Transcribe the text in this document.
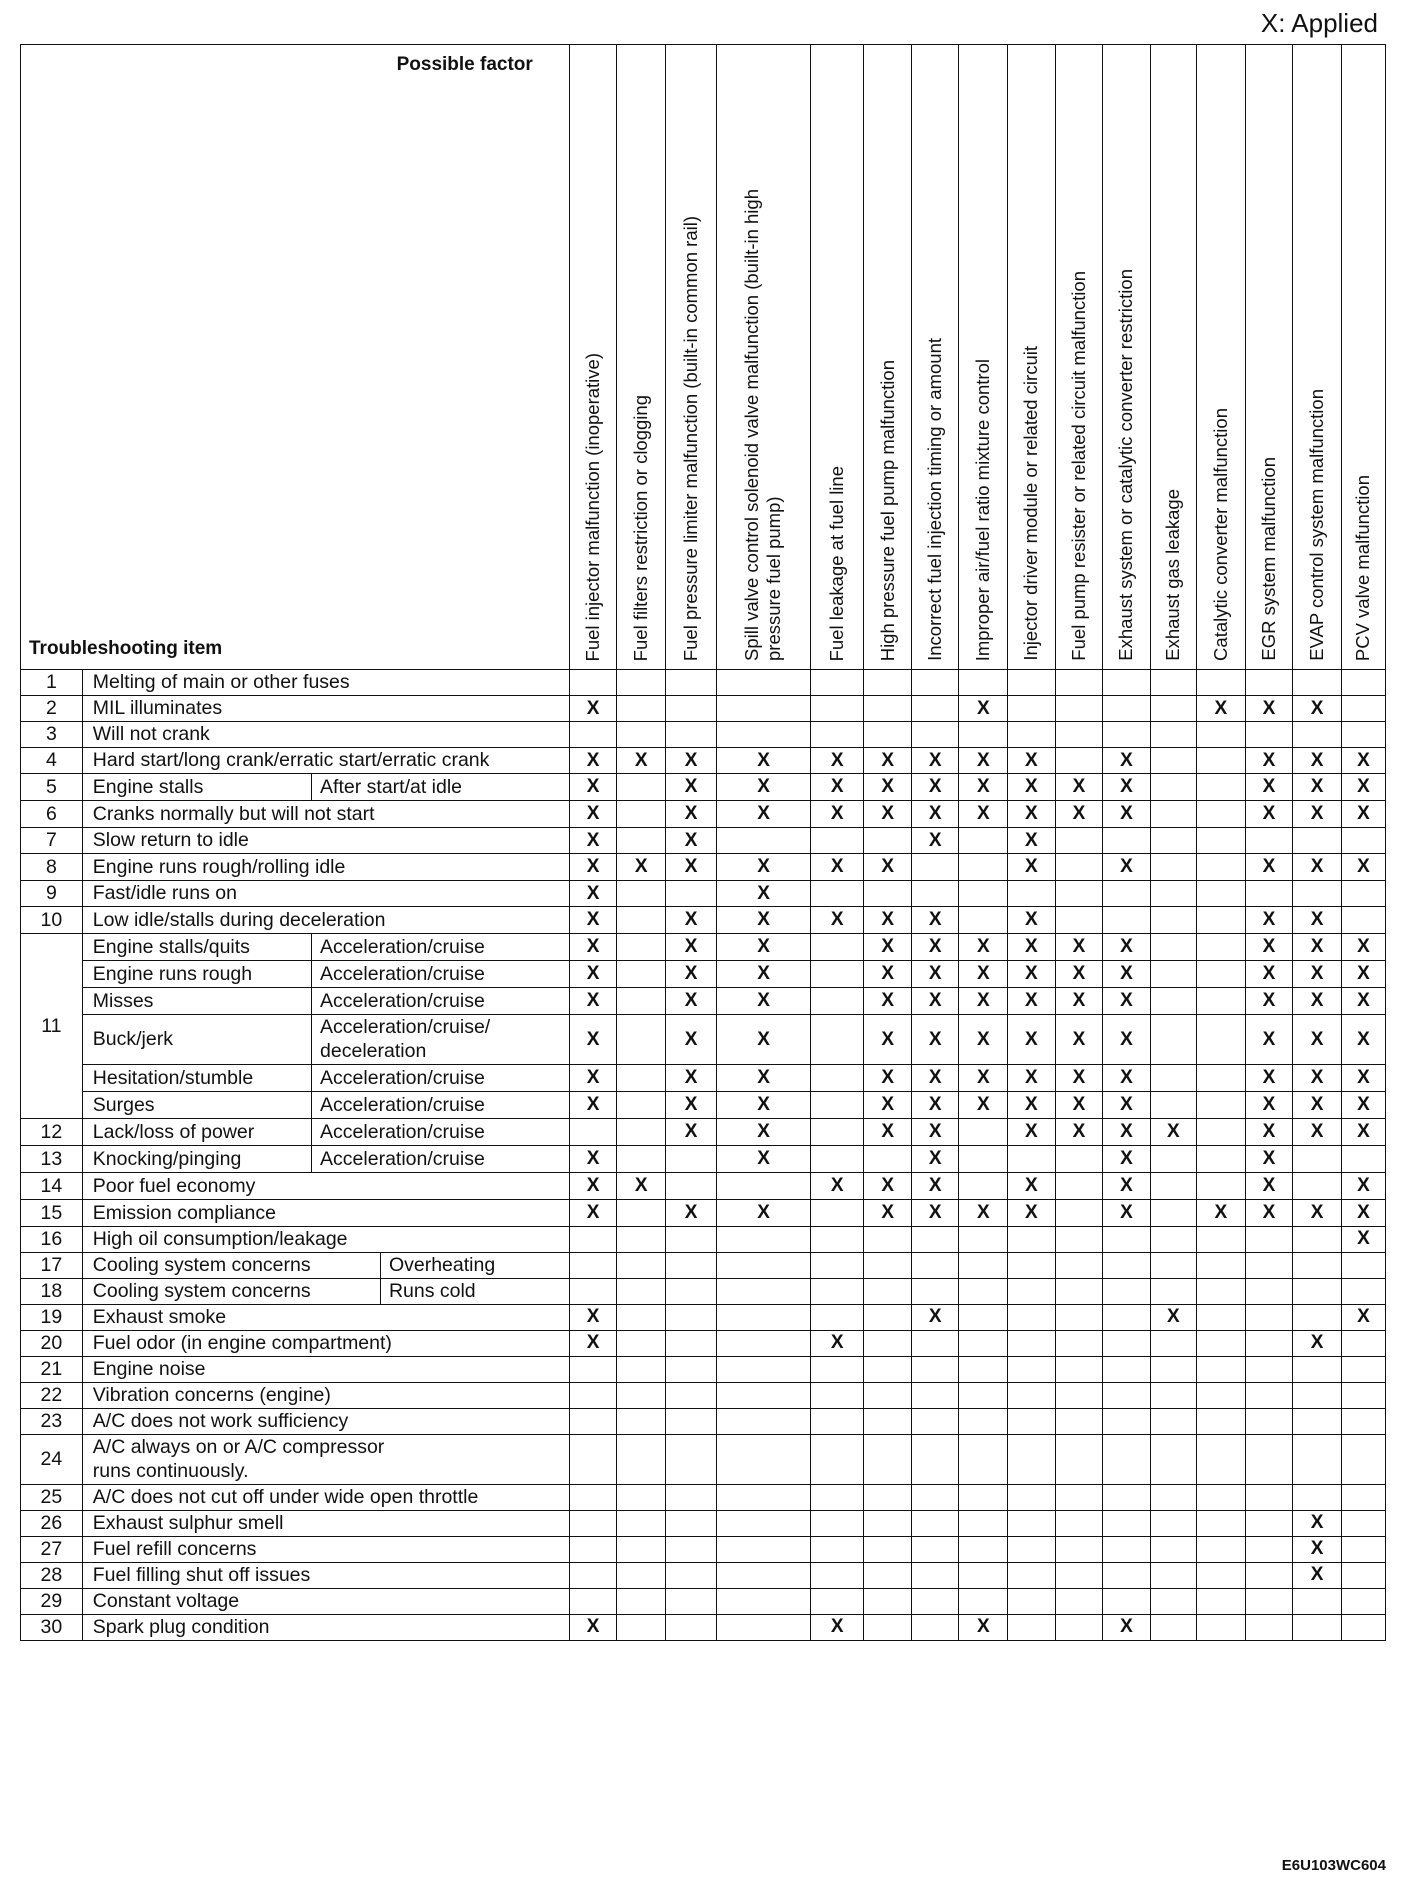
X: Applied
Possible factor
Troubleshooting item				Fuel injector malfunction (inoperative)	Fuel filters restriction or clogging	Fuel pressure limiter malfunction (built-in common rail)	Spill valve control solenoid valve malfunction (built-in high
pressure fuel pump)	Fuel leakage at fuel line	High pressure fuel pump malfunction	Incorrect fuel injection timing or amount	Improper air/fuel ratio mixture control	Injector driver module or related circuit	Fuel pump resister or related circuit malfunction	Exhaust system or catalytic converter restriction	Exhaust gas leakage	Catalytic converter malfunction	EGR system malfunction	EVAP control system malfunction	PCV valve malfunction

1	Melting of main or other fuses																		
2	MIL illuminates			X							X					X	X	X	
3	Will not crank																		
4	Hard start/long crank/erratic start/erratic crank			X	X	X	X	X	X	X	X	X		X			X	X	X
5	Engine stalls	After start/at idle		X		X	X	X	X	X	X	X	X	X			X	X	X
6	Cranks normally but will not start			X		X	X	X	X	X	X	X	X	X			X	X	X
7	Slow return to idle			X		X				X		X							
8	Engine runs rough/rolling idle			X	X	X	X	X	X			X		X			X	X	X
9	Fast/idle runs on			X			X												
10	Low idle/stalls during deceleration			X		X	X	X	X	X		X					X	X	
11	Engine stalls/quits	Acceleration/cruise		X		X	X		X	X	X	X	X	X			X	X	X
	Engine runs rough	Acceleration/cruise		X		X	X		X	X	X	X	X	X			X	X	X
	Misses	Acceleration/cruise		X		X	X		X	X	X	X	X	X			X	X	X
	Buck/jerk	Acceleration/cruise/
deceleration		X		X	X		X	X	X	X	X	X			X	X	X
	Hesitation/stumble	Acceleration/cruise		X		X	X		X	X	X	X	X	X			X	X	X
	Surges	Acceleration/cruise		X		X	X		X	X	X	X	X	X			X	X	X
12	Lack/loss of power	Acceleration/cruise				X	X		X	X		X	X	X	X		X	X	X
13	Knocking/pinging	Acceleration/cruise		X			X			X				X			X		
14	Poor fuel economy			X	X			X	X	X		X		X			X		X
15	Emission compliance			X		X	X		X	X	X	X		X		X	X	X	X
16	High oil consumption/leakage																		X
17	Cooling system concerns		Overheating																
18	Cooling system concerns		Runs cold																
19	Exhaust smoke			X						X					X				X
20	Fuel odor (in engine compartment)			X				X										X	
21	Engine noise																		
22	Vibration concerns (engine)																		
23	A/C does not work sufficiency																		
24	A/C always on or A/C compressor
runs continuously.																		
25	A/C does not cut off under wide open throttle																		
26	Exhaust sulphur smell																	X	
27	Fuel refill concerns																	X	
28	Fuel filling shut off issues																	X	
29	Constant voltage																		
30	Spark plug condition			X				X			X			X					
E6U103WC604
